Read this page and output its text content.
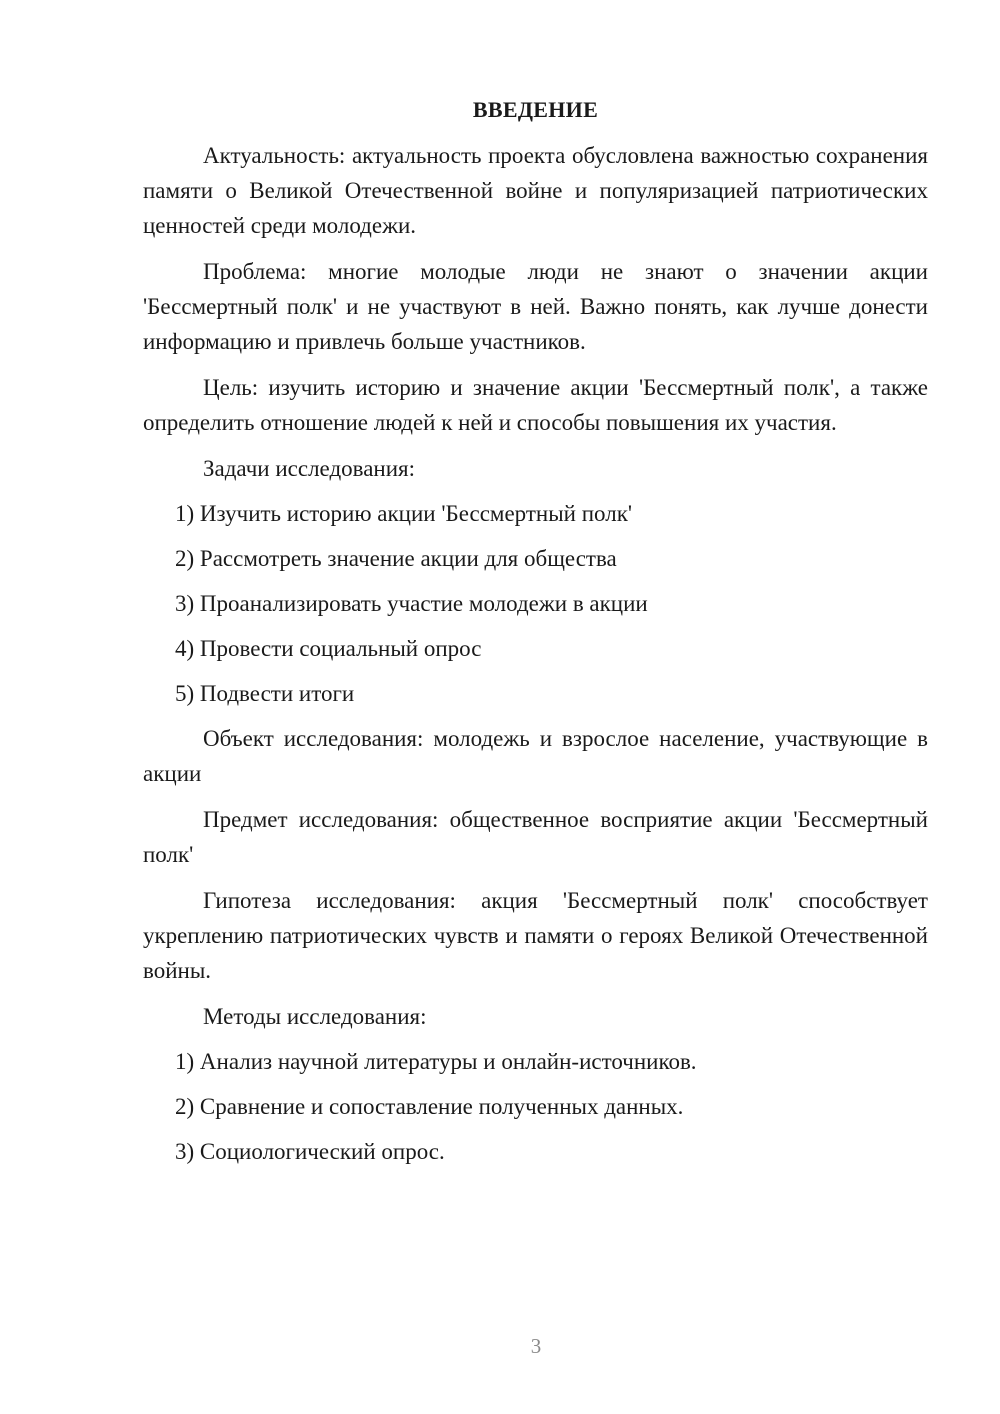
ВВЕДЕНИЕ

Актуальность: актуальность проекта обусловлена важностью сохранения памяти о Великой Отечественной войне и популяризацией патриотических ценностей среди молодежи.

Проблема: многие молодые люди не знают о значении акции 'Бессмертный полк' и не участвуют в ней. Важно понять, как лучше донести информацию и привлечь больше участников.

Цель: изучить историю и значение акции 'Бессмертный полк', а также определить отношение людей к ней и способы повышения их участия.

Задачи исследования:
1) Изучить историю акции 'Бессмертный полк'
2) Рассмотреть значение акции для общества
3) Проанализировать участие молодежи в акции
4) Провести социальный опрос
5) Подвести итоги

Объект исследования: молодежь и взрослое население, участвующие в акции

Предмет исследования: общественное восприятие акции 'Бессмертный полк'

Гипотеза исследования: акция 'Бессмертный полк' способствует укреплению патриотических чувств и памяти о героях Великой Отечественной войны.

Методы исследования:
1) Анализ научной литературы и онлайн-источников.
2) Сравнение и сопоставление полученных данных.
3) Социологический опрос.
3
